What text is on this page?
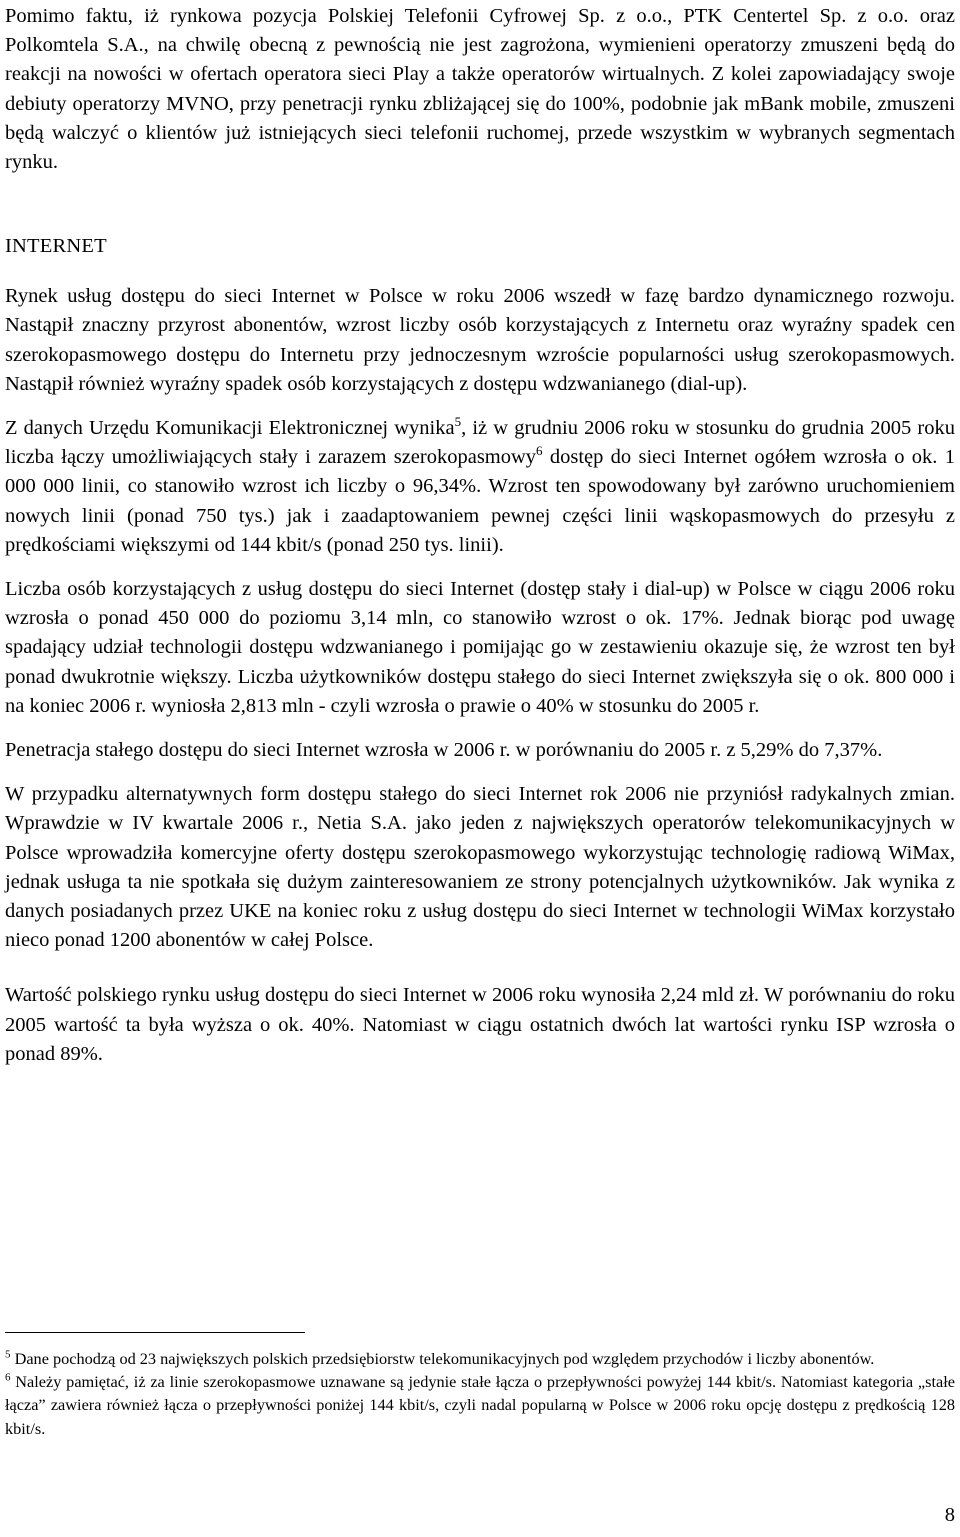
Pomimo faktu, iż rynkowa pozycja Polskiej Telefonii Cyfrowej Sp. z o.o., PTK Centertel Sp. z o.o. oraz Polkomtela S.A., na chwilę obecną z pewnością nie jest zagrożona, wymienieni operatorzy zmuszeni będą do reakcji na nowości w ofertach operatora sieci Play a także operatorów wirtualnych. Z kolei zapowiadający swoje debiuty operatorzy MVNO, przy penetracji rynku zbliżającej się do 100%, podobnie jak mBank mobile, zmuszeni będą walczyć o klientów już istniejących sieci telefonii ruchomej, przede wszystkim w wybranych segmentach rynku.

INTERNET

Rynek usług dostępu do sieci Internet w Polsce w roku 2006 wszedł w fazę bardzo dynamicznego rozwoju. Nastąpił znaczny przyrost abonentów, wzrost liczby osób korzystających z Internetu oraz wyraźny spadek cen szerokopasmowego dostępu do Internetu przy jednoczesnym wzroście popularności usług szerokopasmowych. Nastąpił również wyraźny spadek osób korzystających z dostępu wdzwanianego (dial-up).

Z danych Urzędu Komunikacji Elektronicznej wynika$^5$, iż w grudniu 2006 roku w stosunku do grudnia 2005 roku liczba łączy umożliwiających stały i zarazem szerokopasmowy$^6$ dostęp do sieci Internet ogółem wzrosła o ok. 1 000 000 linii, co stanowiło wzrost ich liczby o 96,34%. Wzrost ten spowodowany był zarówno uruchomieniem nowych linii (ponad 750 tys.) jak i zaadaptowaniem pewnej części linii wąskopasmowych do przesyłu z prędkościami większymi od 144 kbit/s (ponad 250 tys. linii).

Liczba osób korzystających z usług dostępu do sieci Internet (dostęp stały i dial-up) w Polsce w ciągu 2006 roku wzrosła o ponad 450 000 do poziomu 3,14 mln, co stanowiło wzrost o ok. 17%. Jednak biorąc pod uwagę spadający udział technologii dostępu wdzwanianego i pomijając go w zestawieniu okazuje się, że wzrost ten był ponad dwukrotnie większy. Liczba użytkowników dostępu stałego do sieci Internet zwiększyła się o ok. 800 000 i na koniec 2006 r. wyniosła 2,813 mln - czyli wzrosła o prawie o 40% w stosunku do 2005 r.

Penetracja stałego dostępu do sieci Internet wzrosła w 2006 r. w porównaniu do 2005 r. z 5,29% do 7,37%.

W przypadku alternatywnych form dostępu stałego do sieci Internet rok 2006 nie przyniósł radykalnych zmian. Wprawdzie w IV kwartale 2006 r., Netia S.A. jako jeden z największych operatorów telekomunikacyjnych w Polsce wprowadziła komercyjne oferty dostępu szerokopasmowego wykorzystując technologię radiową WiMax, jednak usługa ta nie spotkała się dużym zainteresowaniem ze strony potencjalnych użytkowników. Jak wynika z danych posiadanych przez UKE na koniec roku z usług dostępu do sieci Internet w technologii WiMax korzystało nieco ponad 1200 abonentów w całej Polsce.

Wartość polskiego rynku usług dostępu do sieci Internet w 2006 roku wynosiła 2,24 mld zł. W porównaniu do roku 2005 wartość ta była wyższa o ok. 40%. Natomiast w ciągu ostatnich dwóch lat wartości rynku ISP wzrosła o ponad 89%.

$^5$ Dane pochodzą od 23 największych polskich przedsiębiorstw telekomunikacyjnych pod względem przychodów i liczby abonentów.

$^6$ Należy pamiętać, iż za linie szerokopasmowe uznawane są jedynie stałe łącza o przepływności powyżej 144 kbit/s. Natomiast kategoria „stałe łącza” zawiera również łącza o przepływności poniżej 144 kbit/s, czyli nadal popularną w Polsce w 2006 roku opcję dostępu z prędkością 128 kbit/s.

8
